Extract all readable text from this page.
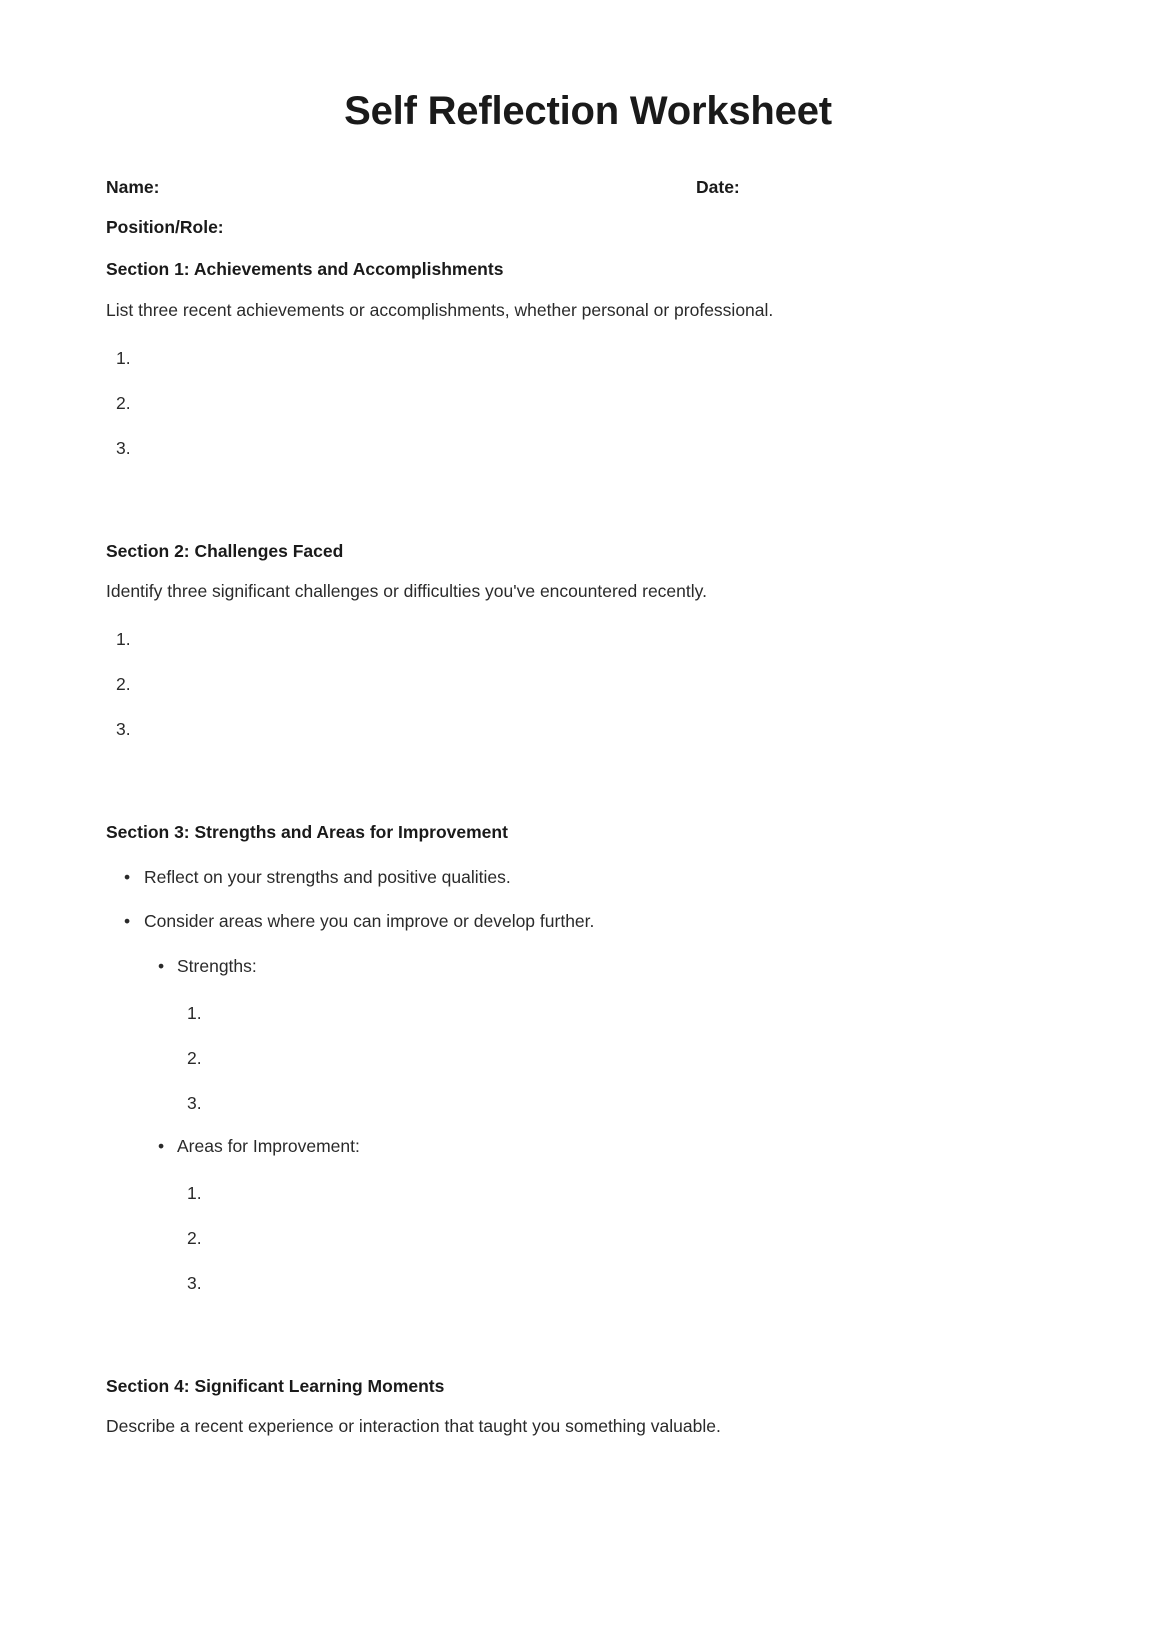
Self Reflection Worksheet
Name:	Date:
Position/Role:
Section 1: Achievements and Accomplishments
List three recent achievements or accomplishments, whether personal or professional.
1.
2.
3.
Section 2: Challenges Faced
Identify three significant challenges or difficulties you've encountered recently.
1.
2.
3.
Section 3: Strengths and Areas for Improvement
• Reflect on your strengths and positive qualities.
• Consider areas where you can improve or develop further.
• Strengths:
1.
2.
3.
• Areas for Improvement:
1.
2.
3.
Section 4: Significant Learning Moments
Describe a recent experience or interaction that taught you something valuable.
